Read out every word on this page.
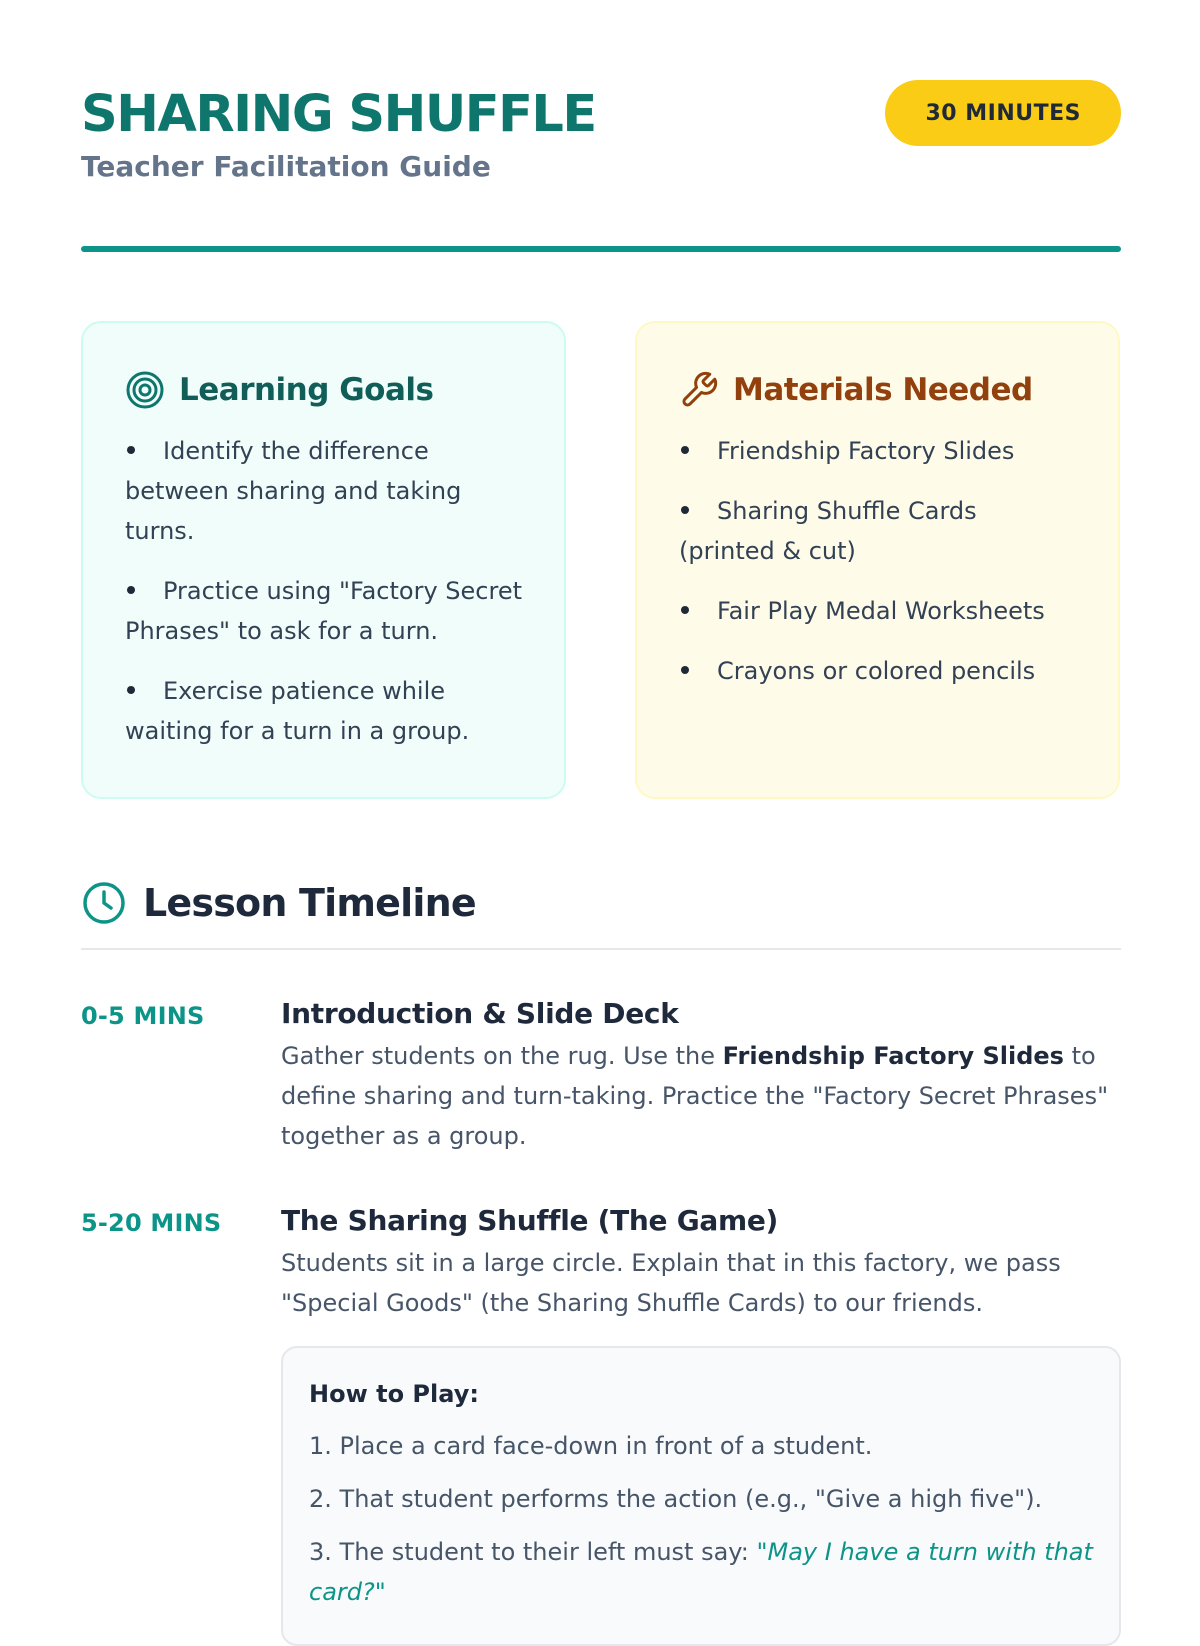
SHARING SHUFFLE
Teacher Facilitation Guide
30 MINUTES
Learning Goals
Identify the difference between sharing and taking turns.
Practice using "Factory Secret Phrases" to ask for a turn.
Exercise patience while waiting for a turn in a group.
Materials Needed
Friendship Factory Slides
Sharing Shuffle Cards (printed & cut)
Fair Play Medal Worksheets
Crayons or colored pencils
Lesson Timeline
0-5 MINS	Introduction & Slide Deck
Gather students on the rug. Use the Friendship Factory Slides to define sharing and turn-taking. Practice the "Factory Secret Phrases" together as a group.
5-20 MINS The Sharing Shuffle (The Game)
Students sit in a large circle. Explain that in this factory, we pass "Special Goods" (the Sharing Shuffle Cards) to our friends.
How to Play:
1. Place a card face-down in front of a student.
2. That student performs the action (e.g., "Give a high five").
3. The student to their left must say: "May I have a turn with that card?"
